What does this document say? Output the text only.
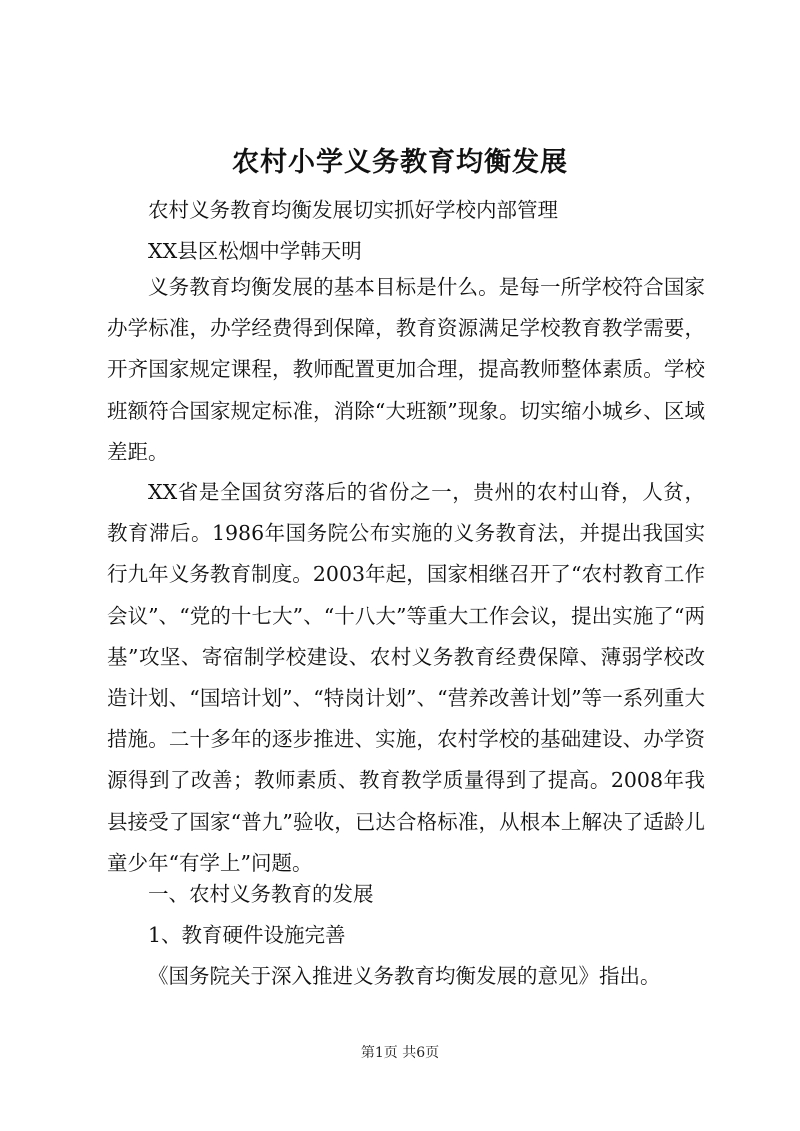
农村小学义务教育均衡发展
农村义务教育均衡发展切实抓好学校内部管理
XX县区松烟中学韩天明
义务教育均衡发展的基本目标是什么。是每一所学校符合国家办学标准，办学经费得到保障，教育资源满足学校教育教学需要，开齐国家规定课程，教师配置更加合理，提高教师整体素质。学校班额符合国家规定标准，消除“大班额”现象。切实缩小城乡、区域差距。
XX省是全国贫穷落后的省份之一，贵州的农村山脊，人贫，教育滞后。1986年国务院公布实施的义务教育法，并提出我国实行九年义务教育制度。2003年起，国家相继召开了“农村教育工作会议”、“党的十七大”、“十八大”等重大工作会议，提出实施了“两基”攻坚、寄宿制学校建设、农村义务教育经费保障、薄弱学校改造计划、“国培计划”、“特岗计划”、“营养改善计划”等一系列重大措施。二十多年的逐步推进、实施，农村学校的基础建设、办学资源得到了改善；教师素质、教育教学质量得到了提高。2008年我县接受了国家“普九”验收，已达合格标准，从根本上解决了适龄儿童少年“有学上”问题。
一、农村义务教育的发展
1、教育硬件设施完善
《国务院关于深入推进义务教育均衡发展的意见》指出。
第1页 共6页
